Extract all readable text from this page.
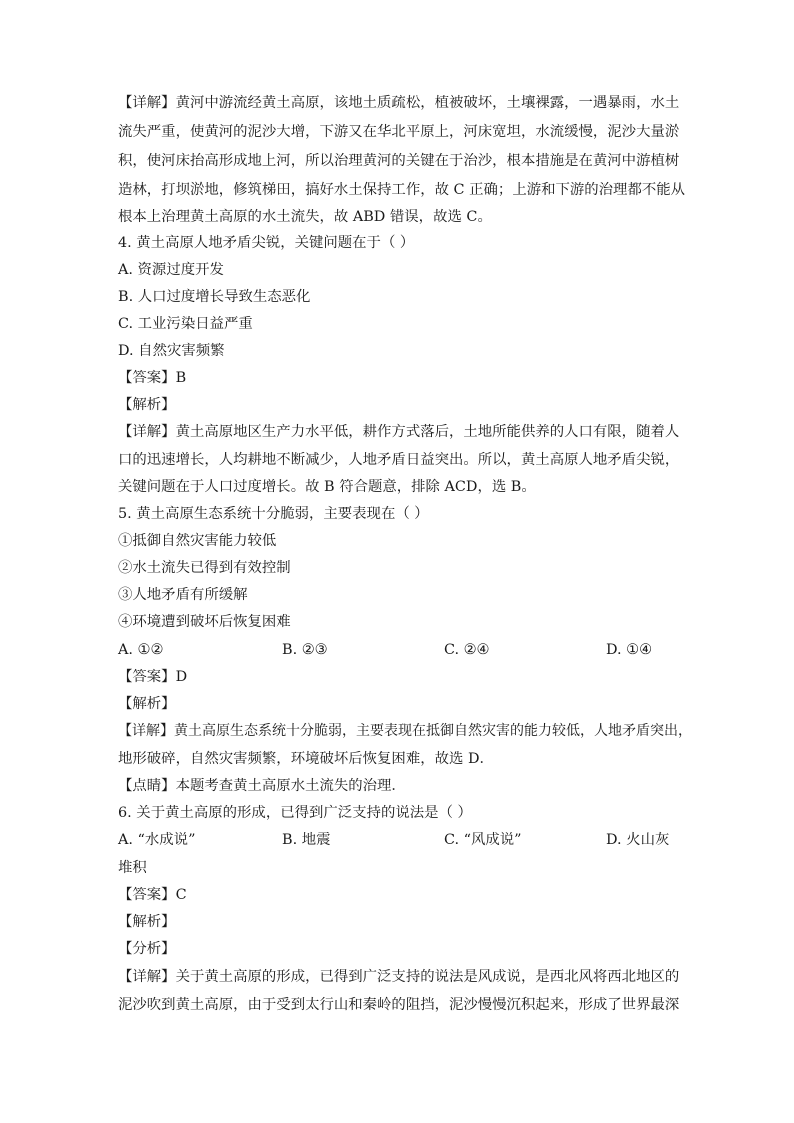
【详解】黄河中游流经黄土高原，该地土质疏松，植被破坏，土壤裸露，一遇暴雨，水土
流失严重，使黄河的泥沙大增，下游又在华北平原上，河床宽坦，水流缓慢，泥沙大量淤
积，使河床抬高形成地上河，所以治理黄河的关键在于治沙，根本措施是在黄河中游植树
造林，打坝淤地，修筑梯田，搞好水土保持工作，故 C 正确；上游和下游的治理都不能从
根本上治理黄土高原的水土流失，故 ABD 错误，故选 C。
4. 黄土高原人地矛盾尖锐，关键问题在于（ ）
A. 资源过度开发
B. 人口过度增长导致生态恶化
C. 工业污染日益严重
D. 自然灾害频繁
【答案】B
【解析】
【详解】黄土高原地区生产力水平低，耕作方式落后，土地所能供养的人口有限，随着人
口的迅速增长，人均耕地不断减少，人地矛盾日益突出。所以，黄土高原人地矛盾尖锐，
关键问题在于人口过度增长。故 B 符合题意，排除 ACD，选 B。
5. 黄土高原生态系统十分脆弱，主要表现在（ ）
①抵御自然灾害能力较低
②水土流失已得到有效控制
③人地矛盾有所缓解
④环境遭到破坏后恢复困难
A. ①②	B. ②③	C. ②④	D. ①④
【答案】D
【解析】
【详解】黄土高原生态系统十分脆弱，主要表现在抵御自然灾害的能力较低，人地矛盾突出，
地形破碎，自然灾害频繁，环境破坏后恢复困难，故选 D．
【点睛】本题考查黄土高原水土流失的治理．
6. 关于黄土高原的形成，已得到广泛支持的说法是（ ）
A. “水成说”	B. 地震	C. “风成说”	D. 火山灰
堆积
【答案】C
【解析】
【分析】
【详解】关于黄土高原的形成，已得到广泛支持的说法是风成说，是西北风将西北地区的
泥沙吹到黄土高原，由于受到太行山和秦岭的阻挡，泥沙慢慢沉积起来，形成了世界最深
